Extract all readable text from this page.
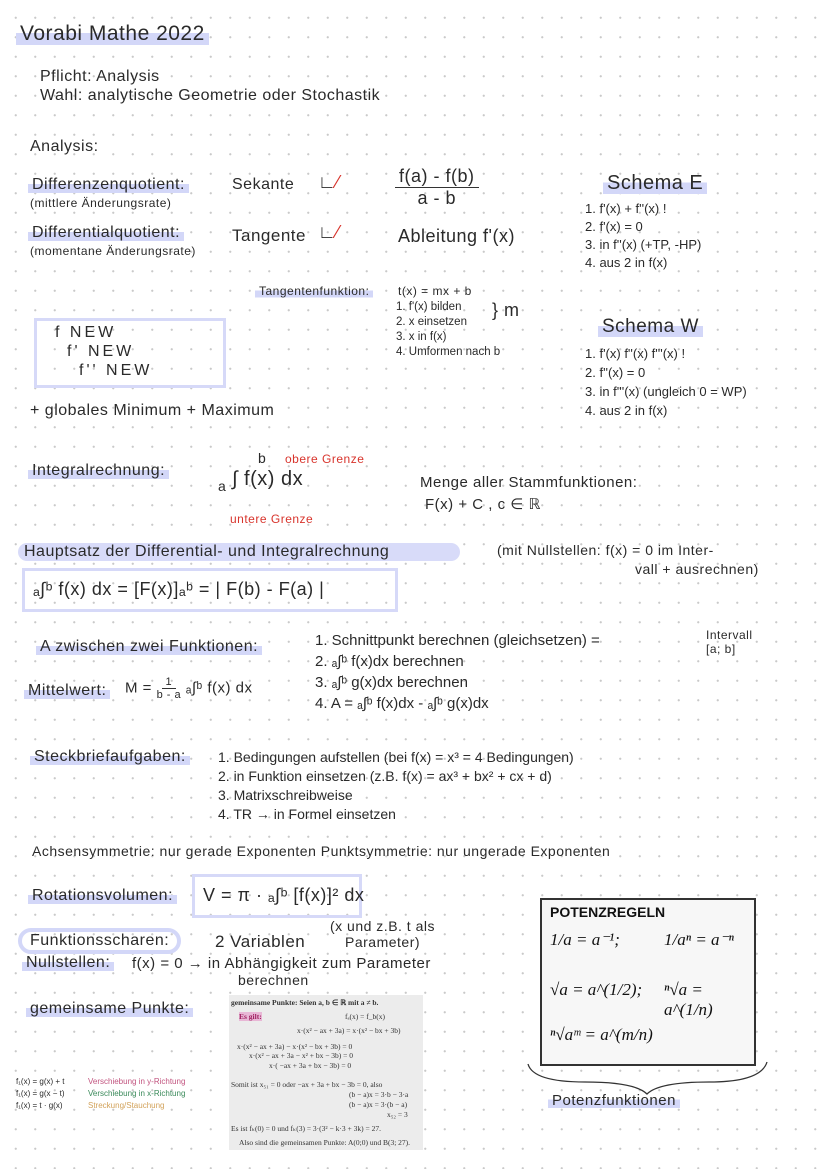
Vorabi Mathe 2022
Pflicht: Analysis
Wahl: analytische Geometrie oder Stochastik
Analysis:
Differenzenquotient:
(mittlere Änderungsrate)
Sekante ∟⁄	$\frac{f(a) - f(b)}{a - b}$
Differentialquotient:
(momentane Änderungsrate)
Tangente ∟⁄	Ableitung f'(x)
Schema E
1. f'(x) + f''(x) !
2. f'(x) = 0
3. in f''(x) (+TP, -HP)
4. aus 2 in f(x)
f NEW
f' NEW
f'' NEW
Tangentenfunktion:	t(x) = mx + b
1. f'(x) bilden
2. x einsetzen
3. x in f(x)
4. Umformen nach b
} m
Schema W
1. f'(x) f''(x) f'''(x) !
2. f''(x) = 0
3. in f'''(x) (ungleich 0 = WP)
4. aus 2 in f(x)
+ globales Minimum + Maximum
Integralrechnung:
b
a ∫ f(x) dx
obere Grenze
untere Grenze
Menge aller Stammfunktionen:
F(x) + C , c ∈ ℝ
Hauptsatz der Differential- und Integralrechnung	(mit Nullstellen: f(x) = 0 im Inter-
vall + ausrechnen)
ₐ∫ᵇ f(x) dx = [F(x)]ₐᵇ = | F(b) - F(a) |
A zwischen zwei Funktionen:	1. Schnittpunkt berechnen (gleichsetzen) =
2. ₐ∫ᵇ f(x)dx berechnen
3. ₐ∫ᵇ g(x)dx berechnen
4. A = ₐ∫ᵇ f(x)dx - ₐ∫ᵇ g(x)dx
Intervall
[a; b]
Mittelwert: $M = \frac{1}{b - a}$ ₐ∫ᵇ f(x) dx
Steckbriefaufgaben: 1. Bedingungen aufstellen (bei f(x) = x³ = 4 Bedingungen)
2. in Funktion einsetzen (z.B. f(x) = ax³ + bx² + cx + d)
3. Matrixschreibweise
4. TR → in Formel einsetzen
Achsensymmetrie: nur gerade Exponenten Punktsymmetrie: nur ungerade Exponenten
Rotationsvolumen: V = π · ₐ∫ᵇ [f(x)]² dx
Funktionsscharen:	2 Variablen
(x und z.B. t als
Parameter)
Nullstellen: f(x) = 0 → in Abhängigkeit zum Parameter
berechnen
gemeinsame Punkte:	gemeinsame Punkte: Seien a, b ∈ ℝ mit a ≠ b.
Es gilt:	fₐ(x) = f_b(x)
x·(x² − ax + 3a) = x·(x² − bx + 3b)
x·(x² − ax + 3a) − x·(x² − bx + 3b) = 0
x·(x² − ax + 3a − x² + bx − 3b) = 0
x·( −ax + 3a + bx − 3b) = 0
Somit ist x₅₁ = 0 oder −ax + 3a + bx − 3b = 0, also
(b − a)x = 3·b − 3·a
(b − a)x = 3·(b − a)
x₅₂ = 3
Es ist fₖ(0) = 0 und fₖ(3) = 3·(3² − k·3 + 3k) = 27.
Also sind die gemeinsamen Punkte: A(0;0) und B(3; 27).
f₁(x) = g(x) + t	Verschiebung in y-Richtung
f₁(x) = g(x − t)	Verschiebung in x-Richtung
f₁(x) = t · g(x)	Streckung/Stauchung
POTENZREGELN
1/a = a⁻¹;	1/aⁿ = a⁻ⁿ
√a = a^(1/2); ⁿ√a = a^(1/n)
ⁿ√aᵐ = a^(m/n)
Potenzfunktionen
